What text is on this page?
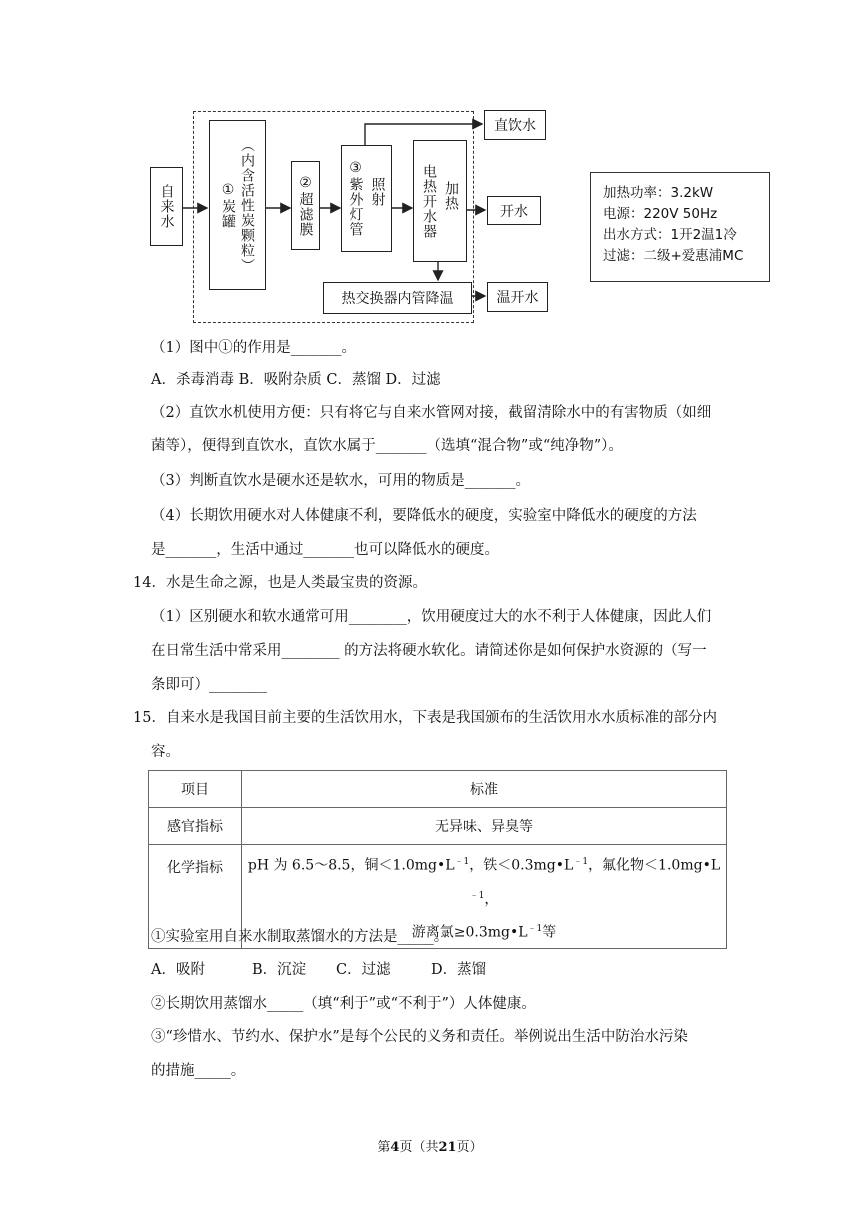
自来水	①炭罐 （内含活性炭颗粒）	②超滤膜 ③紫外灯管 照射	电热开水器 加热
热交换器内管降温
直饮水
开水
温开水
加热功率：3.2kW
电源：220V 50Hz
出水方式：1开2温1冷
过滤：二级+爱惠浦MC
（1）图中①的作用是_______。
A．杀毒消毒 B．吸附杂质 C．蒸馏 D．过滤
（2）直饮水机使用方便：只有将它与自来水管网对接，截留清除水中的有害物质（如细
菌等），便得到直饮水，直饮水属于_______（选填“混合物”或“纯净物”）。
（3）判断直饮水是硬水还是软水，可用的物质是_______。
（4）长期饮用硬水对人体健康不利，要降低水的硬度，实验室中降低水的硬度的方法
是_______，生活中通过_______也可以降低水的硬度。
14．水是生命之源，也是人类最宝贵的资源。
（1）区别硬水和软水通常可用________，饮用硬度过大的水不利于人体健康，因此人们
在日常生活中常采用________ 的方法将硬水软化。请简述你是如何保护水资源的（写一
条即可）________
15．自来水是我国目前主要的生活饮用水，下表是我国颁布的生活饮用水水质标准的部分内
容。
项目	标准
感官指标	无异味、异臭等
化学指标	pH 为 6.5～8.5，铜$<1.0mg•L^{﹣1}$，铁$<0.3mg•L^{﹣1}$，氟化物$<1.0mg•L^{﹣1}$，
游离氯$\ge 0.3mg•L^{﹣1}$等
①实验室用自来水制取蒸馏水的方法是_____。
A．吸附	B．沉淀 C．过滤	D．蒸馏
②长期饮用蒸馏水_____（填“利于”或“不利于”）人体健康。
③“珍惜水、节约水、保护水”是每个公民的义务和责任。举例说出生活中防治水污染
的措施_____。
第4页（共21页）
